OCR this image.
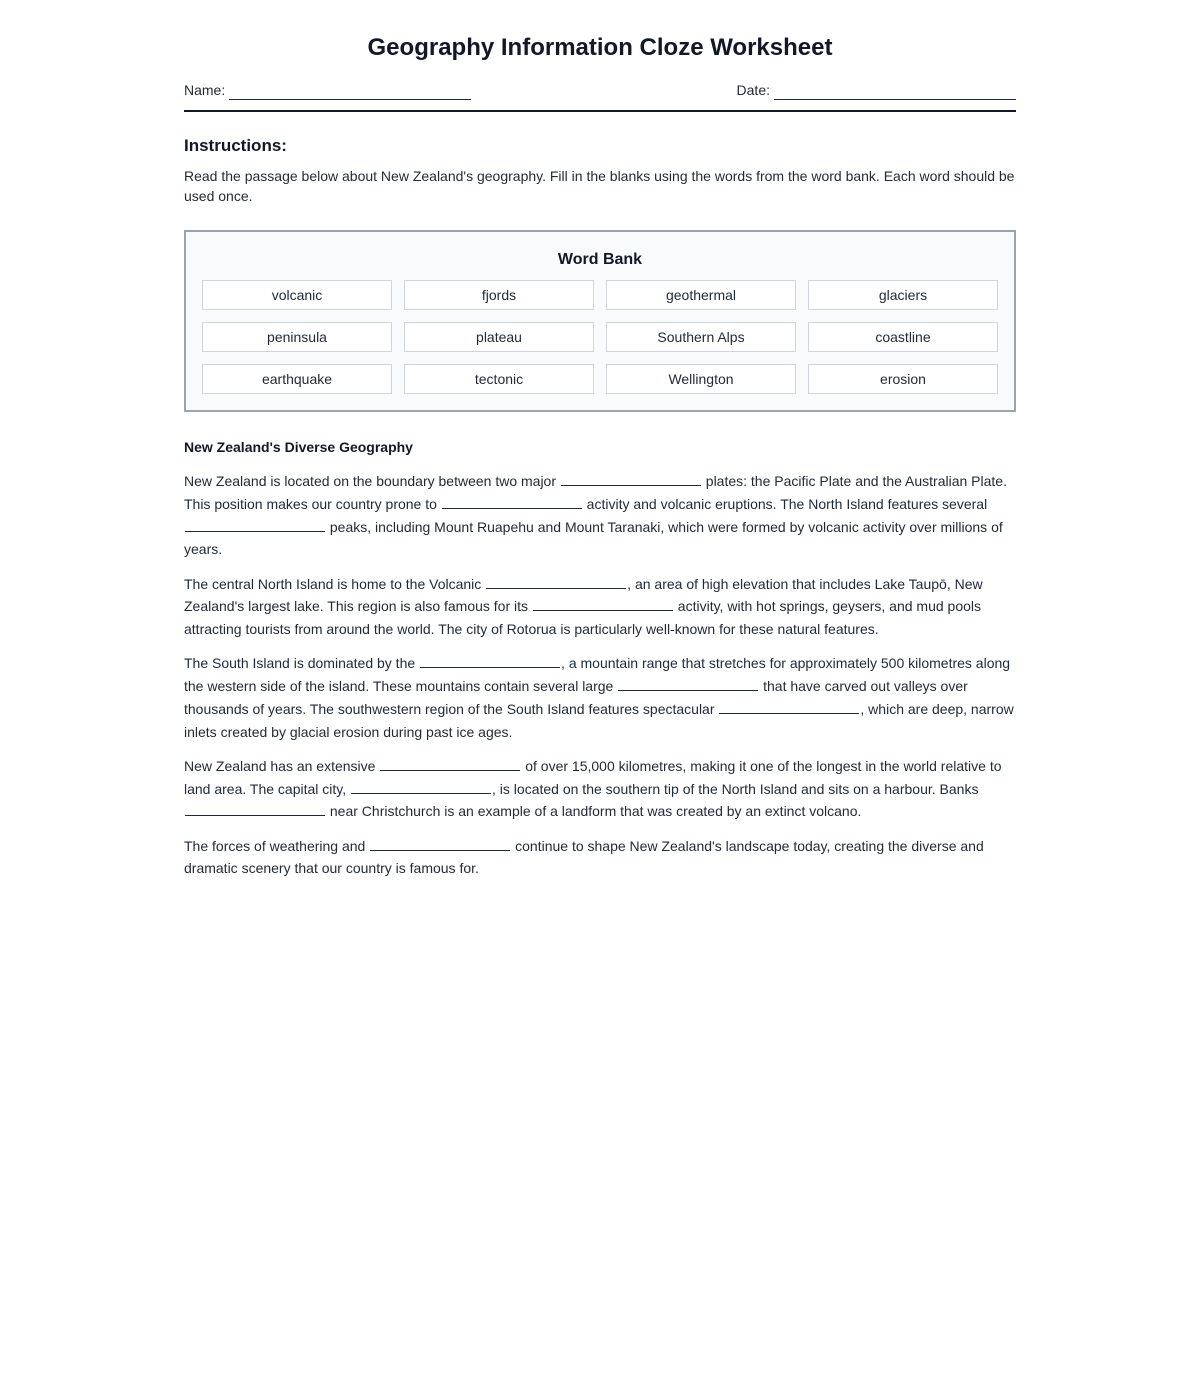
Geography Information Cloze Worksheet
Name:	Date:
Instructions:

Read the passage below about New Zealand's geography. Fill in the blanks using the words from the word bank. Each word should be used once.

Word Bank
volcanic	fjords	geothermal	glaciers
peninsula	plateau	Southern Alps	coastline
earthquake	tectonic	Wellington	erosion
New Zealand's Diverse Geography

New Zealand is located on the boundary between two major	plates: the Pacific Plate and the Australian Plate. This position makes our country prone to	activity and volcanic eruptions. The North Island features several  peaks, including Mount Ruapehu and Mount Taranaki, which were formed by volcanic activity over millions of years.

The central North Island is home to the Volcanic	, an area of high elevation that includes Lake Taupō, New Zealand's largest lake. This region is also famous for its	activity, with hot springs, geysers, and mud pools attracting tourists from around the world. The city of Rotorua is particularly well-known for these natural features.

The South Island is dominated by the	, a mountain range that stretches for approximately 500 kilometres along the western side of the island. These mountains contain several large	that have carved out valleys over thousands of years. The southwestern region of the South Island features spectacular	, which are deep, narrow inlets created by glacial erosion during past ice ages.

New Zealand has an extensive	of over 15,000 kilometres, making it one of the longest in the world relative to land area. The capital city,	, is located on the southern tip of the North Island and sits on a harbour. Banks  near Christchurch is an example of a landform that was created by an extinct volcano.

The forces of weathering and	continue to shape New Zealand's landscape today, creating the diverse and dramatic scenery that our country is famous for.
